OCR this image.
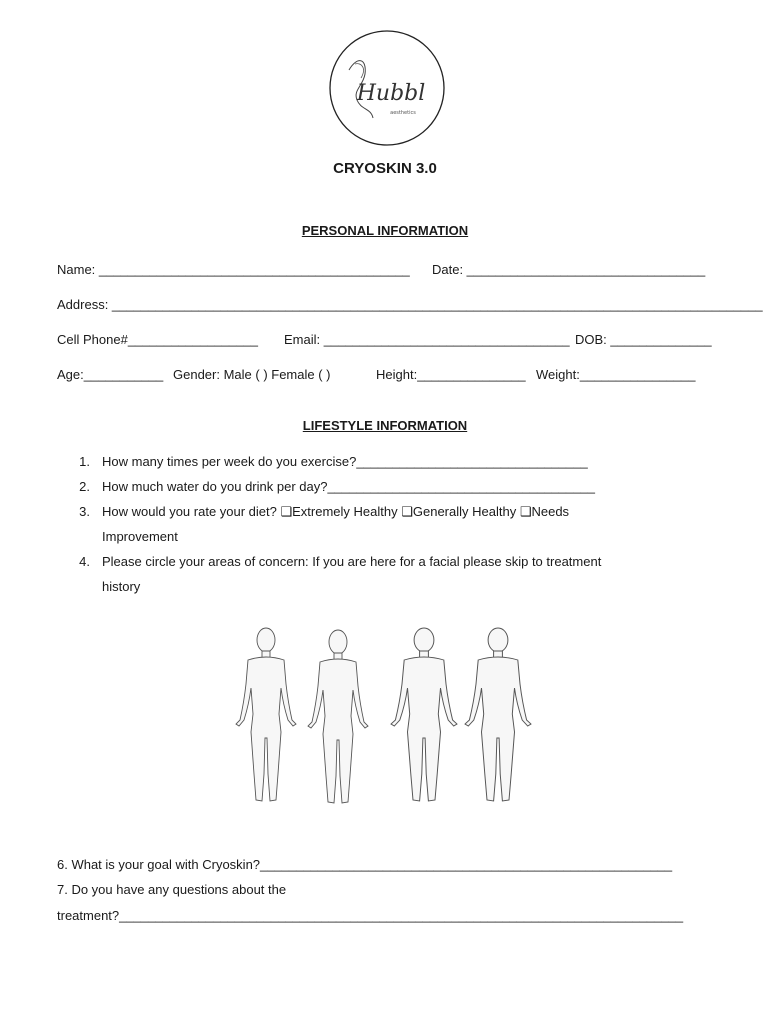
Hubbl
aesthetics
CRYOSKIN 3.0
PERSONAL INFORMATION
Name: ___________________________________________ Date: _________________________________
Address: __________________________________________________________________________________________
Cell Phone#__________________ Email: __________________________________ DOB: ______________
Age:___________ Gender: Male ( ) Female ( )	Height:_______________ Weight:________________
LIFESTYLE INFORMATION
1. How many times per week do you exercise?________________________________
2. How much water do you drink per day?_____________________________________
3. How would you rate your diet? ❑Extremely Healthy ❑Generally Healthy ❑Needs
Improvement
4. Please circle your areas of concern: If you are here for a facial please skip to treatment
history
6. What is your goal with Cryoskin?_________________________________________________________
7. Do you have any questions about the
treatment?______________________________________________________________________________
